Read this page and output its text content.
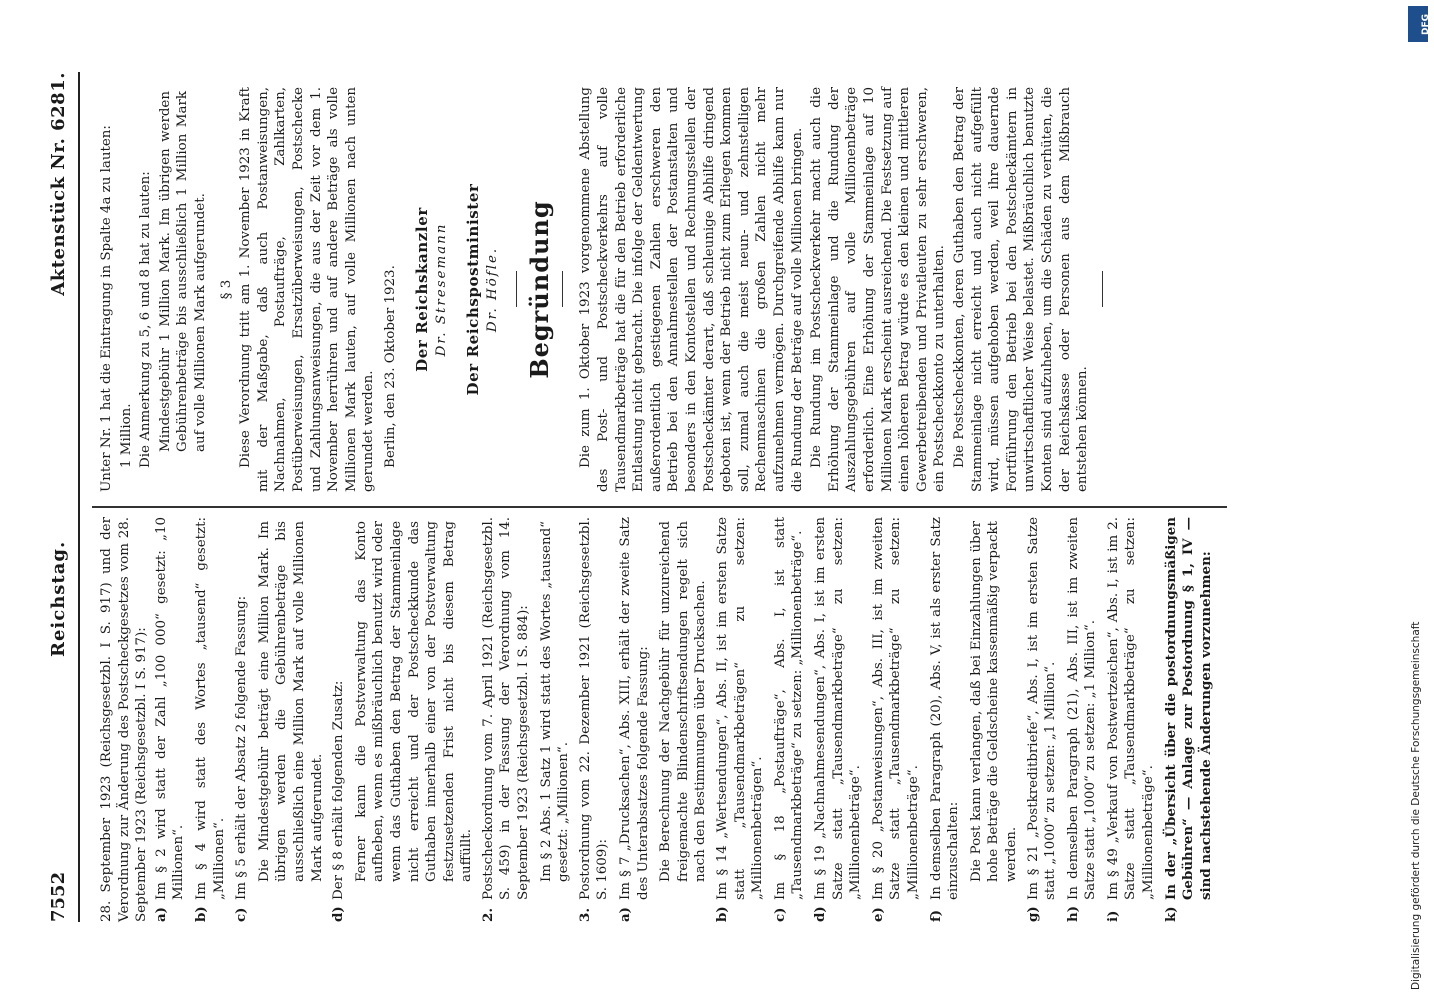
7552
Reichstag.
Aktenstück Nr. 6281.

28. September 1923 (Reichsgesetzbl. I S. 917) und der Verordnung zur Änderung des Postscheckgesetzes vom 28. September 1923 (Reichsgesetzbl. I S. 917): a)
Im § 2 wird statt der Zahl „100 000“ gesetzt: „10 Millionen“.
b)
Im § 4 wird statt des Wortes „tausend“ gesetzt: „Millionen“.
c)
Im § 5 erhält der Absatz 2 folgende Fassung: Die Mindestgebühr beträgt eine Million Mark. Im übrigen werden die Gebührenbeträge bis ausschließlich eine Million Mark auf volle Millionen Mark aufgerundet.

d)
Der § 8 erhält folgenden Zusatz: Ferner kann die Postverwaltung das Konto aufheben, wenn es mißbräuchlich benutzt wird oder wenn das Guthaben den Betrag der Stammeinlage nicht erreicht und der Postscheckkunde das Guthaben innerhalb einer von der Postverwaltung festzusetzenden Frist nicht bis diesem Betrag auffüllt.

2.
Postscheckordnung vom 7. April 1921 (Reichsgesetzbl. S. 459) in der Fassung der Verordnung vom 14. September 1923 (Reichsgesetzbl. I S. 884): Im § 2 Abs. 1 Satz 1 wird statt des Wortes „tausend“ gesetzt: „Millionen“.

3.
Postordnung vom 22. Dezember 1921 (Reichsgesetzbl. S. 1609):
a)
Im § 7 „Drucksachen“, Abs. XIII, erhält der zweite Satz des Unterabsatzes folgende Fassung: Die Berechnung der Nachgebühr für unzureichend freigemachte Blindenschriftsendungen regelt sich nach den Bestimmungen über Drucksachen.

b)
Im § 14 „Wertsendungen“, Abs. II, ist im ersten Satze statt „Tausendmarkbeträgen“ zu setzen: „Millionenbeträgen“.
c)
Im § 18 „Postaufträge“, Abs. I, ist statt „Tausendmarkbeträge“ zu setzen: „Millionenbeträge“.
d)
Im § 19 „Nachnahmesendungen“, Abs. I, ist im ersten Satze statt „Tausendmarkbeträge“ zu setzen: „Millionenbeträge“.
e)
Im § 20 „Postanweisungen“, Abs. III, ist im zweiten Satze statt „Tausendmarkbeträge“ zu setzen: „Millionenbeträge“.
f)
In demselben Paragraph (20), Abs. V, ist als erster Satz einzuschalten: Die Post kann verlangen, daß bei Einzahlungen über hohe Beträge die Geldscheine kassenmäßig verpackt werden.

g)
Im § 21 „Postkreditbriefe“, Abs. I, ist im ersten Satze statt „1000“ zu setzen: „1 Million“.
h)
In demselben Paragraph (21), Abs. III, ist im zweiten Satze statt „1000“ zu setzen: „1 Million“.
i)
Im § 49 „Verkauf von Postwertzeichen“, Abs. I, ist im 2. Satze statt „Tausendmarkbeträge“ zu setzen: „Millionenbeträge“.
k)
In der „Übersicht über die postordnungsmäßigen Gebühren“ — Anlage zur Postordnung § 1, IV — sind nachstehende Änderungen vorzunehmen:

Unter Nr. 1 hat die Eintragung in Spalte 4a zu lauten: 1 Million. Die Anmerkung zu 5, 6 und 8 hat zu lauten: Mindestgebühr 1 Million Mark. Im übrigen werden Gebührenbeträge bis ausschließlich 1 Million Mark auf volle Millionen Mark aufgerundet. § 3 Diese Verordnung tritt am 1. November 1923 in Kraft mit der Maßgabe, daß auch Postanweisungen, Nachnahmen, Postaufträge, Zahlkarten, Postüberweisungen, Ersatzüberweisungen, Postschecke und Zahlungsanweisungen, die aus der Zeit vor dem 1. November herrühren und auf andere Beträge als volle Millionen Mark lauten, auf volle Millionen nach unten gerundet werden. Berlin, den 23. Oktober 1923. Der Reichskanzler Dr. Stresemann Der Reichspostminister Dr. Höfle. Begründung Die zum 1. Oktober 1923 vorgenommene Abstellung des Post- und Postscheckverkehrs auf volle Tausendmarkbeträge hat die für den Betrieb erforderliche Entlastung nicht gebracht. Die infolge der Geldentwertung außerordentlich gestiegenen Zahlen erschweren den Betrieb bei den Annahmestellen der Postanstalten und besonders in den Kontostellen und Rechnungsstellen der Postscheckämter derart, daß schleunige Abhilfe dringend geboten ist, wenn der Betrieb nicht zum Erliegen kommen soll, zumal auch die meist neun- und zehnstelligen Rechenmaschinen die großen Zahlen nicht mehr aufzunehmen vermögen. Durchgreifende Abhilfe kann nur die Rundung der Beträge auf volle Millionen bringen. Die Rundung im Postscheckverkehr macht auch die Erhöhung der Stammeinlage und die Rundung der Auszahlungsgebühren auf volle Millionenbeträge erforderlich. Eine Erhöhung der Stammeinlage auf 10 Millionen Mark erscheint ausreichend. Die Festsetzung auf einen höheren Betrag würde es den kleinen und mittleren Gewerbetreibenden und Privatleuten zu sehr erschweren, ein Postscheckkonto zu unterhalten. Die Postscheckkonten, deren Guthaben den Betrag der Stammeinlage nicht erreicht und auch nicht aufgefüllt wird, müssen aufgehoben werden, weil ihre dauernde Fortführung den Betrieb bei den Postscheckämtern in unwirtschaftlicher Weise belastet. Mißbräuchlich benutzte Konten sind aufzuheben, um die Schäden zu verhüten, die der Reichskasse oder Personen aus dem Mißbrauch entstehen können.

DFG
Digitalisierung gefördert durch die Deutsche Forschungsgemeinschaft
